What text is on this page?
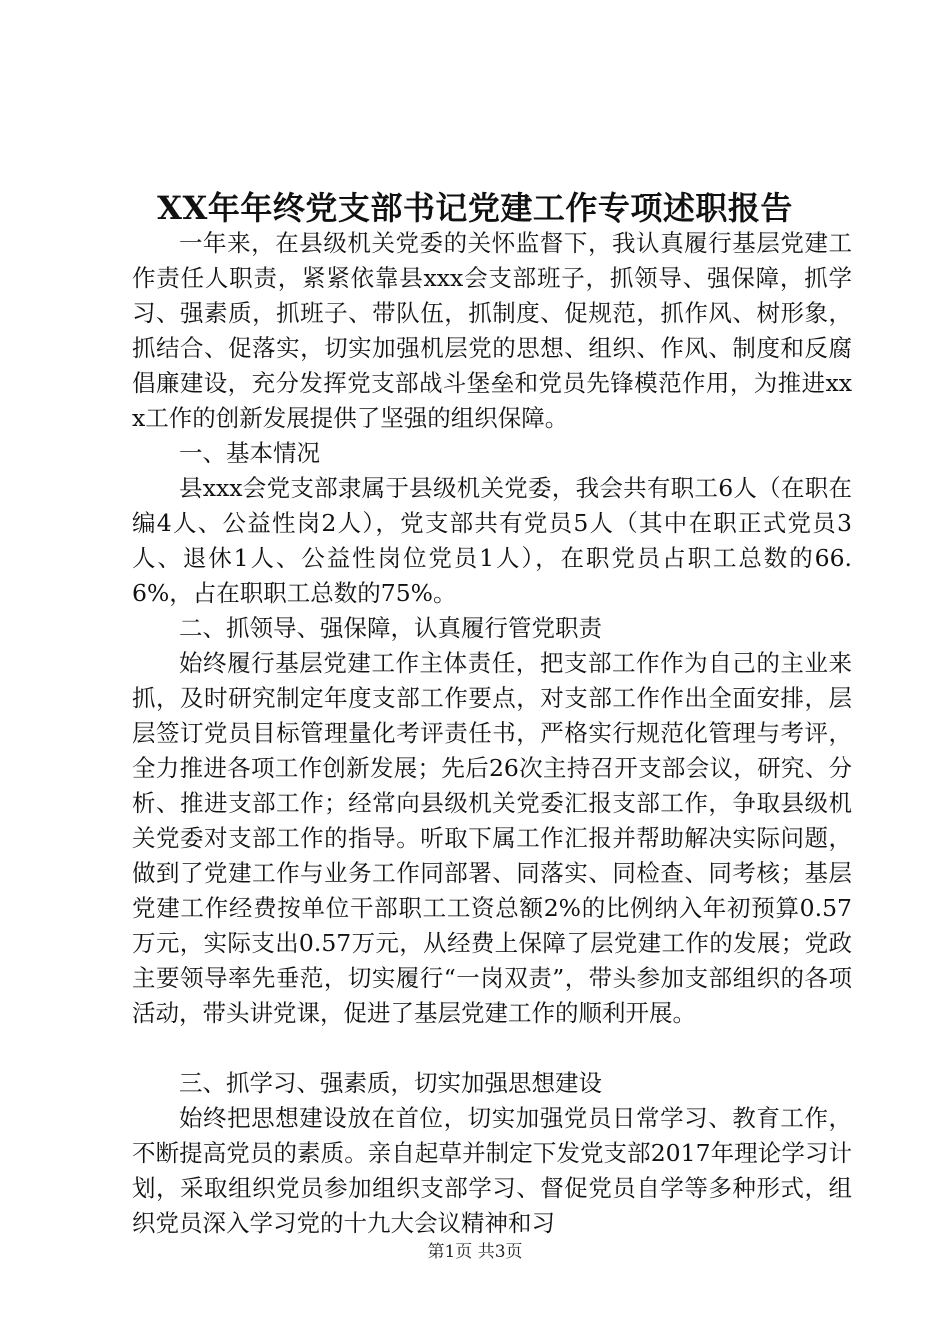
XX年年终党支部书记党建工作专项述职报告

一年来，在县级机关党委的关怀监督下，我认真履行基层党建工作责任人职责，紧紧依靠县xxx会支部班子，抓领导、强保障，抓学习、强素质，抓班子、带队伍，抓制度、促规范，抓作风、树形象，抓结合、促落实，切实加强机层党的思想、组织、作风、制度和反腐倡廉建设，充分发挥党支部战斗堡垒和党员先锋模范作用，为推进xxx工作的创新发展提供了坚强的组织保障。

一、基本情况

县xxx会党支部隶属于县级机关党委，我会共有职工6人（在职在编4人、公益性岗2人），党支部共有党员5人（其中在职正式党员3人、退休1人、公益性岗位党员1人），在职党员占职工总数的66.6%，占在职职工总数的75%。

二、抓领导、强保障，认真履行管党职责

始终履行基层党建工作主体责任，把支部工作作为自己的主业来抓，及时研究制定年度支部工作要点，对支部工作作出全面安排，层层签订党员目标管理量化考评责任书，严格实行规范化管理与考评，全力推进各项工作创新发展；先后26次主持召开支部会议，研究、分析、推进支部工作；经常向县级机关党委汇报支部工作，争取县级机关党委对支部工作的指导。听取下属工作汇报并帮助解决实际问题，做到了党建工作与业务工作同部署、同落实、同检查、同考核；基层党建工作经费按单位干部职工工资总额2%的比例纳入年初预算0.57万元，实际支出0.57万元，从经费上保障了层党建工作的发展；党政主要领导率先垂范，切实履行“一岗双责”，带头参加支部组织的各项活动，带头讲党课，促进了基层党建工作的顺利开展。

三、抓学习、强素质，切实加强思想建设

始终把思想建设放在首位，切实加强党员日常学习、教育工作，不断提高党员的素质。亲自起草并制定下发党支部2017年理论学习计划，采取组织党员参加组织支部学习、督促党员自学等多种形式，组织党员深入学习党的十九大会议精神和习

第1页 共3页
